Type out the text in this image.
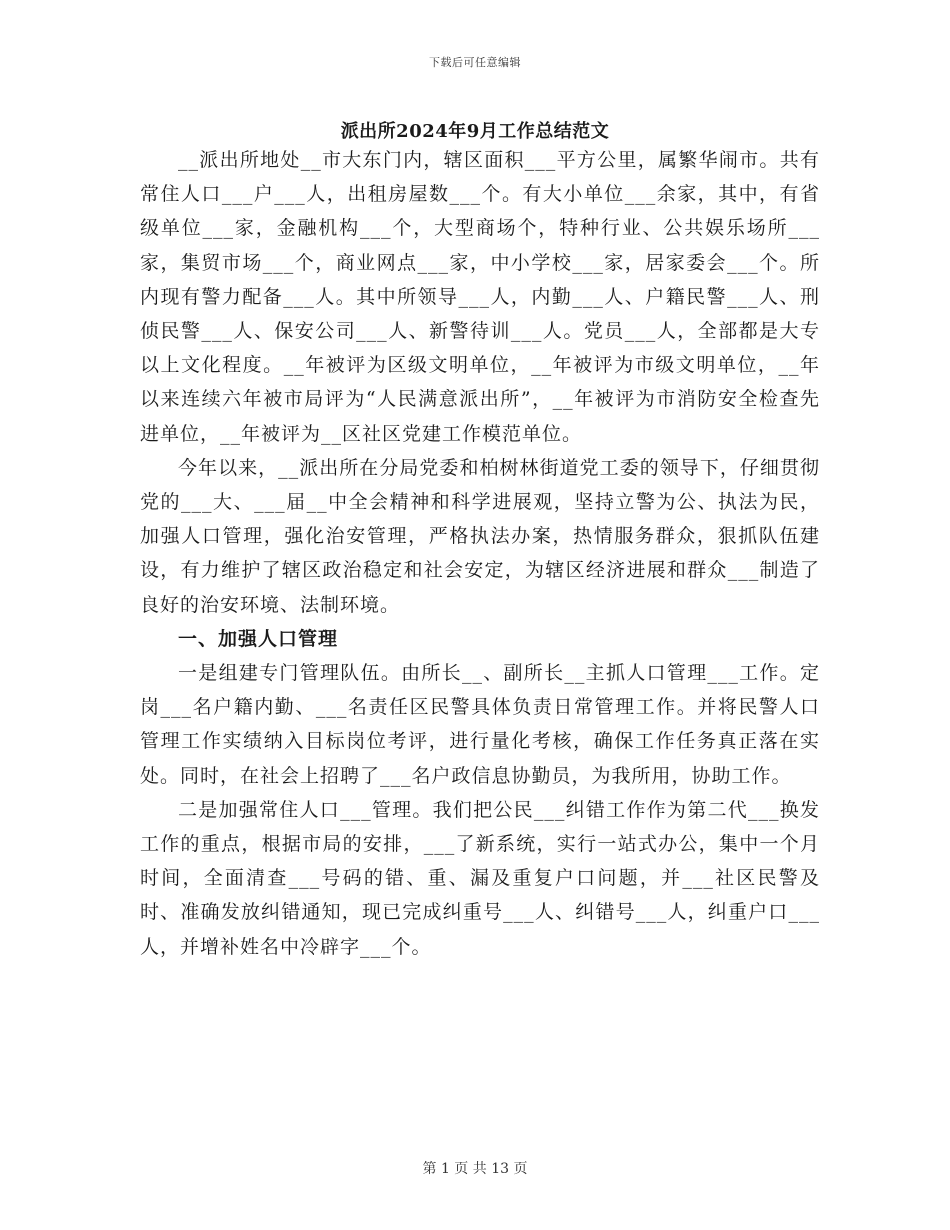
下载后可任意编辑
派出所2024年9月工作总结范文

__派出所地处__市大东门内，辖区面积___平方公里，属繁华闹市。共有常住人口___户___人，出租房屋数___个。有大小单位___余家，其中，有省级单位___家，金融机构___个，大型商场个，特种行业、公共娱乐场所___家，集贸市场___个，商业网点___家，中小学校___家，居家委会___个。所内现有警力配备___人。其中所领导___人，内勤___人、户籍民警___人、刑侦民警___人、保安公司___人、新警待训___人。党员___人，全部都是大专以上文化程度。__年被评为区级文明单位，__年被评为市级文明单位，__年以来连续六年被市局评为“人民满意派出所”，__年被评为市消防安全检查先进单位，__年被评为__区社区党建工作模范单位。

今年以来，__派出所在分局党委和柏树林街道党工委的领导下，仔细贯彻党的___大、___届__中全会精神和科学进展观，坚持立警为公、执法为民，加强人口管理，强化治安管理，严格执法办案，热情服务群众，狠抓队伍建设，有力维护了辖区政治稳定和社会安定，为辖区经济进展和群众___制造了良好的治安环境、法制环境。

一、加强人口管理

一是组建专门管理队伍。由所长__、副所长__主抓人口管理___工作。定岗___名户籍内勤、___名责任区民警具体负责日常管理工作。并将民警人口管理工作实绩纳入目标岗位考评，进行量化考核，确保工作任务真正落在实处。同时，在社会上招聘了___名户政信息协勤员，为我所用，协助工作。

二是加强常住人口___管理。我们把公民___纠错工作作为第二代___换发工作的重点，根据市局的安排，___了新系统，实行一站式办公，集中一个月时间，全面清查___号码的错、重、漏及重复户口问题，并___社区民警及时、准确发放纠错通知，现已完成纠重号___人、纠错号___人，纠重户口___人，并增补姓名中冷辟字___个。

第 1 页 共 13 页
